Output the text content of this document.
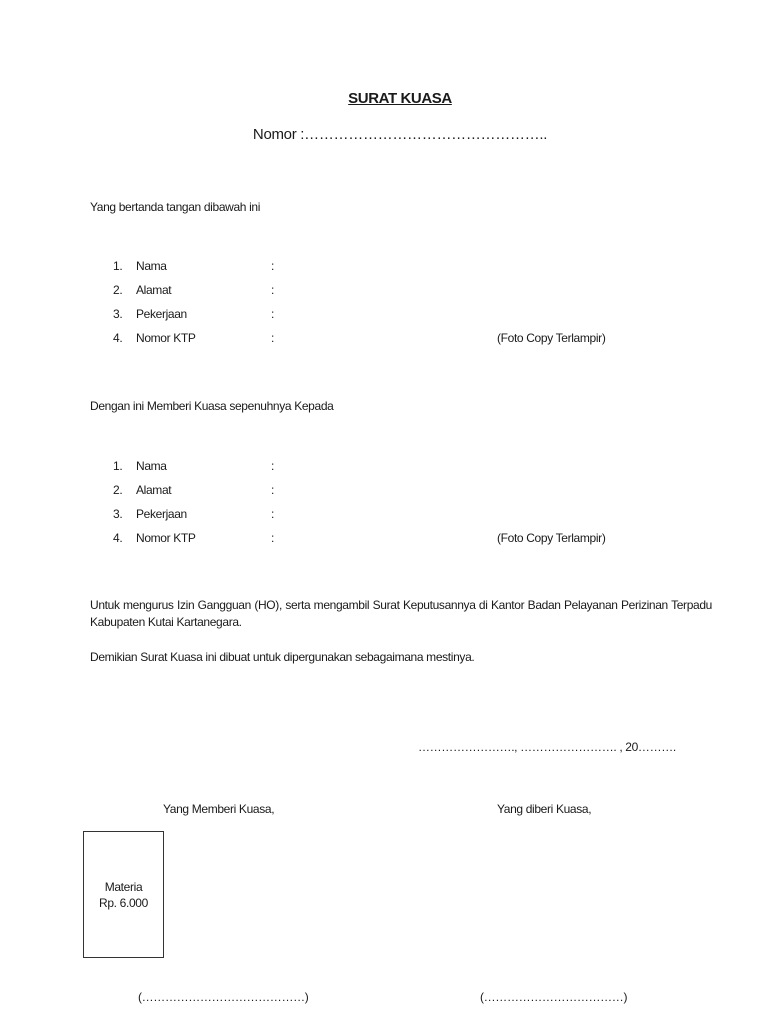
SURAT KUASA
Nomor :…………………………………………..
Yang bertanda tangan dibawah ini
1. Nama	:
2. Alamat	:
3. Pekerjaan	:
4. Nomor KTP	:	(Foto Copy Terlampir)
Dengan ini Memberi Kuasa sepenuhnya Kepada
1. Nama	:
2. Alamat	:
3. Pekerjaan	:
4. Nomor KTP	:	(Foto Copy Terlampir)
Untuk mengurus Izin Gangguan (HO), serta mengambil Surat Keputusannya di Kantor Badan Pelayanan Perizinan Terpadu Kabupaten Kutai Kartanegara.
Demikian Surat Kuasa ini dibuat untuk dipergunakan sebagaimana mestinya.
……………………., ……………………. , 20……….
Yang Memberi Kuasa,	Yang diberi Kuasa,
Materia
Rp. 6.000
(……………………………………)	(………………………………)
